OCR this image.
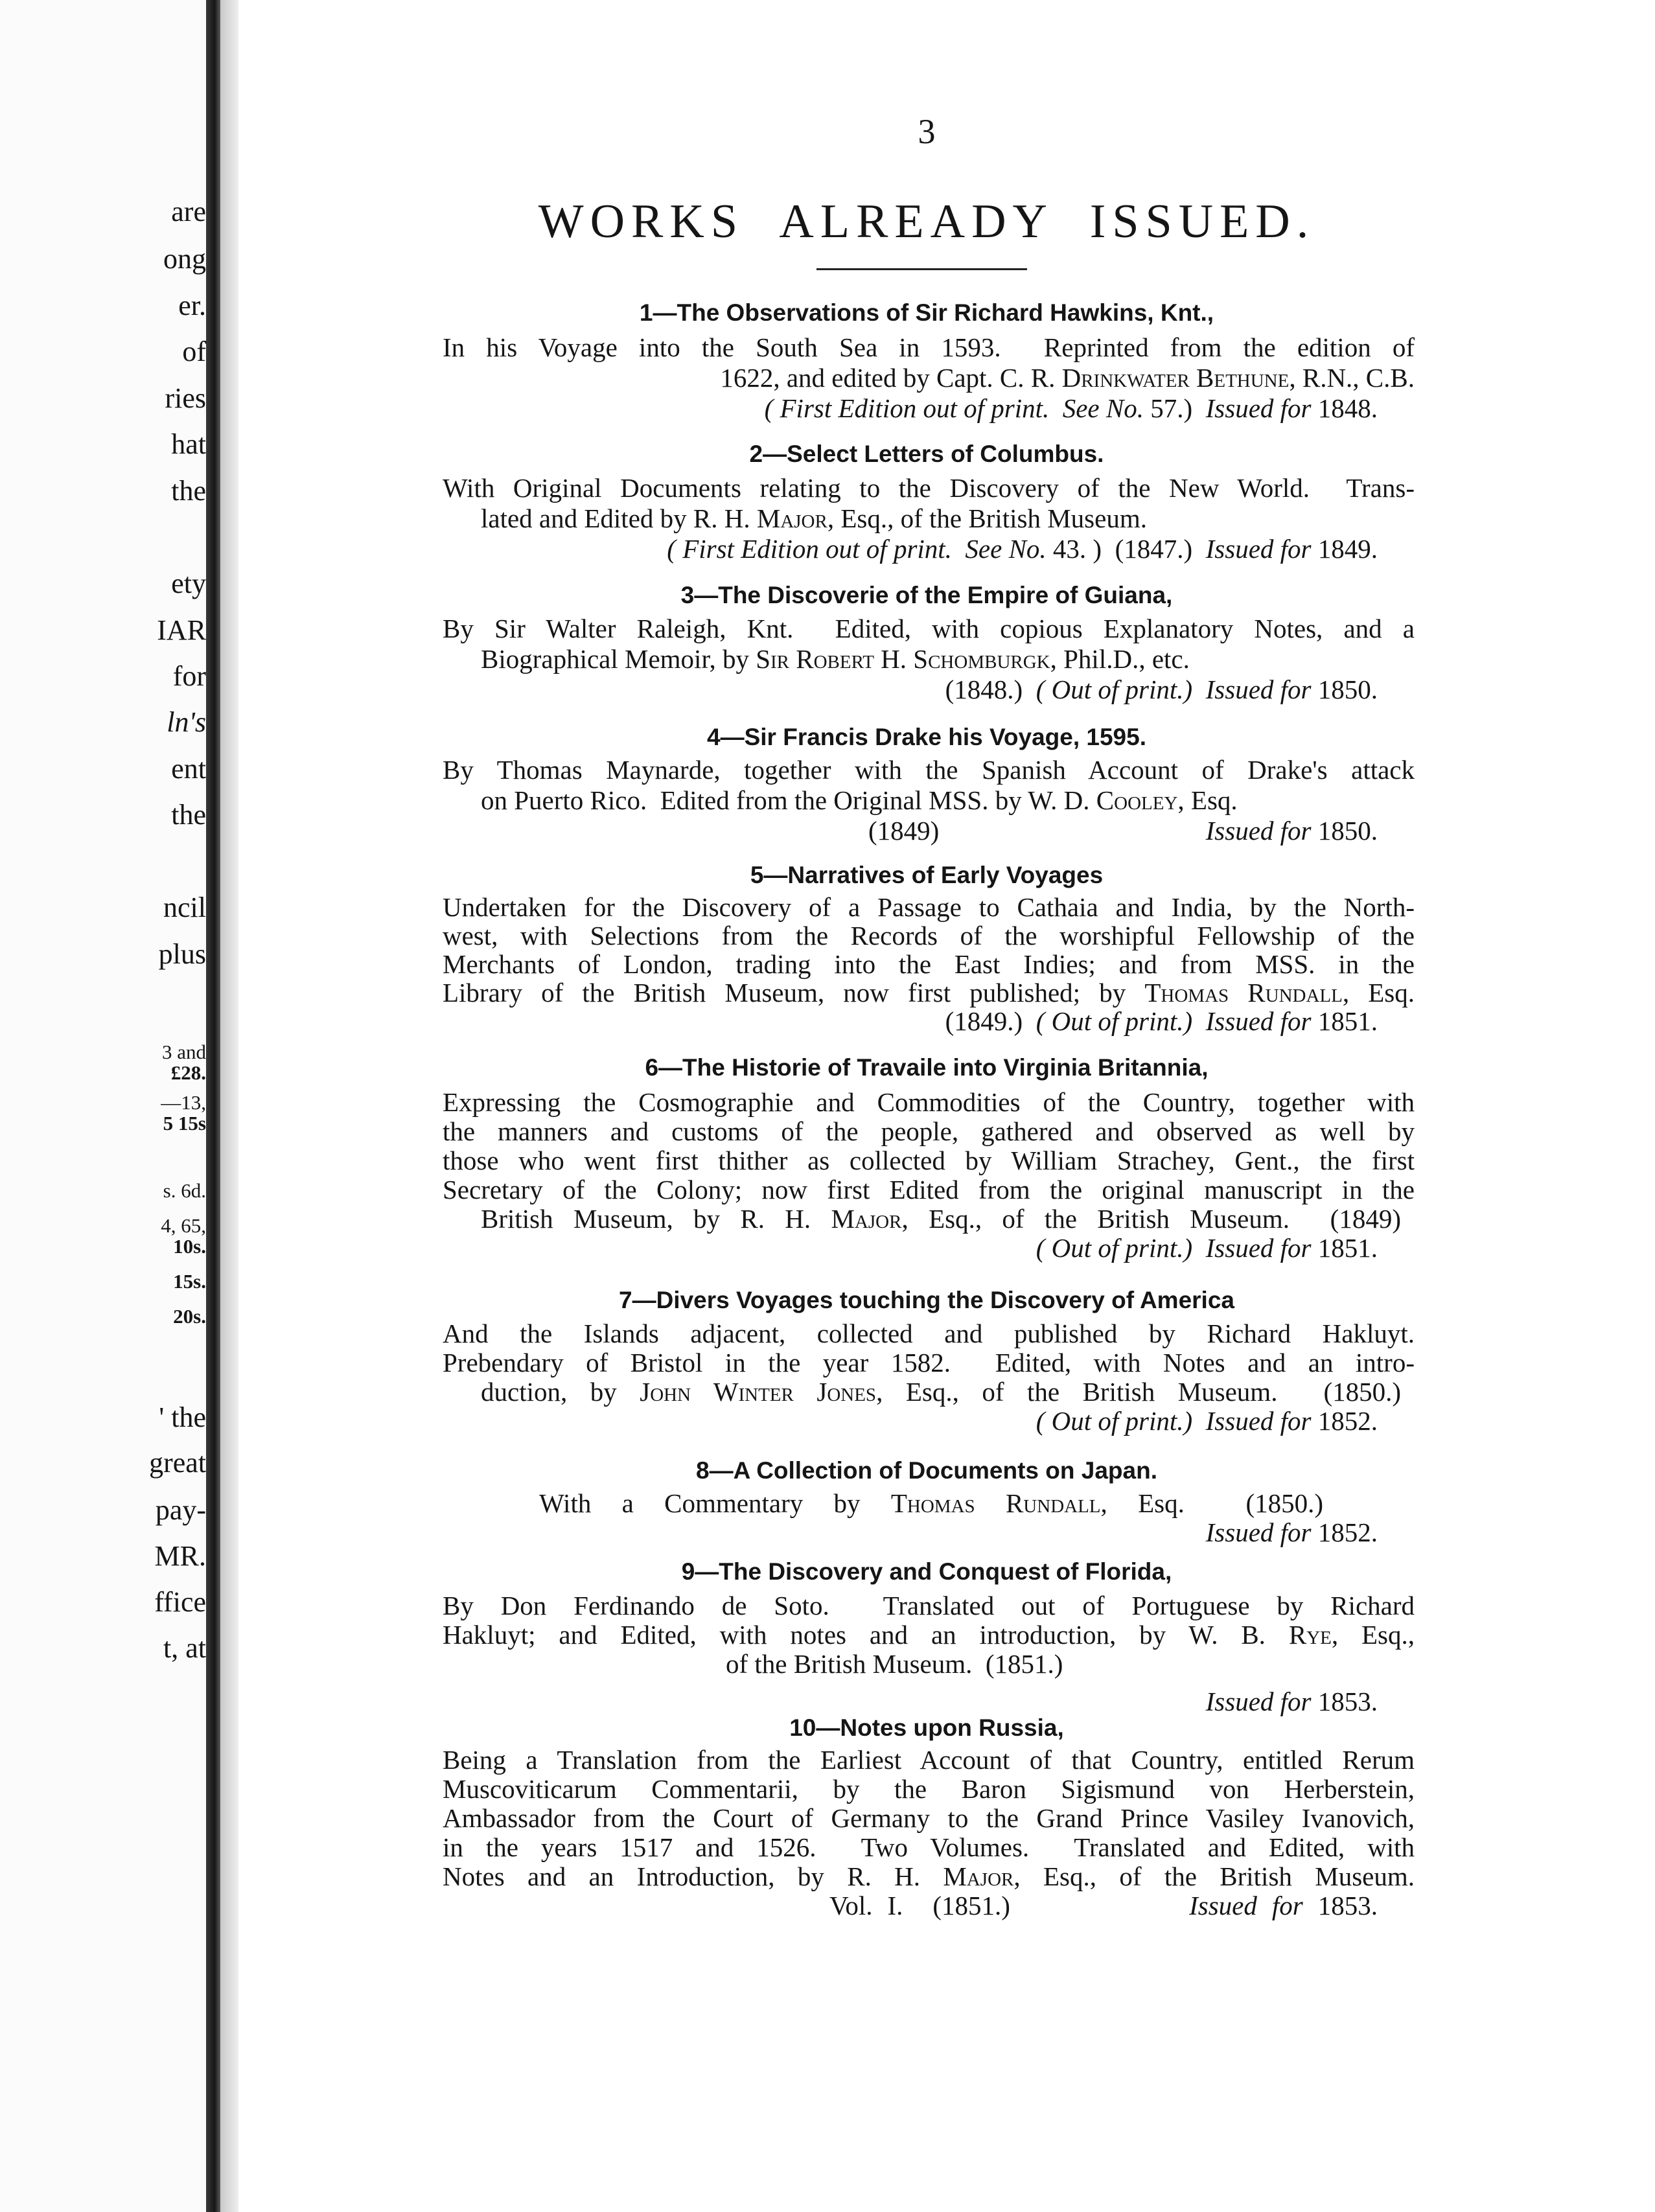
are
ong
er.
of
ries
hat
the
ety
IAR
for
ln's
ent
the
ncil
plus
3 and
£28.
—13,
5 15s
s. 6d.
4, 65,
10s.
15s.
20s.
' the
great
pay-
MR.
ffice
t, at
3
WORKS ALREADY ISSUED.
1—The Observations of Sir Richard Hawkins, Knt.,
In his Voyage into the South Sea in 1593.  Reprinted from the edition of
1622, and edited by Capt. C. R. Drinkwater Bethune, R.N., C.B.
( First Edition out of print.  See No. 57.)  Issued for 1848.
2—Select Letters of Columbus.
With Original Documents relating to the Discovery of the New World.  Trans-
lated and Edited by R. H. Major, Esq., of the British Museum.
( First Edition out of print.  See No. 43. )  (1847.)  Issued for 1849.
3—The Discoverie of the Empire of Guiana,
By Sir Walter Raleigh, Knt.  Edited, with copious Explanatory Notes, and a
Biographical Memoir, by Sir Robert H. Schomburgk, Phil.D., etc.
(1848.)  ( Out of print.)  Issued for 1850.
4—Sir Francis Drake his Voyage, 1595.
By Thomas Maynarde, together with the Spanish Account of Drake's attack
on Puerto Rico.  Edited from the Original MSS. by W. D. Cooley, Esq.
(1849)	Issued for 1850.
5—Narratives of Early Voyages
Undertaken for the Discovery of a Passage to Cathaia and India, by the North-
west, with Selections from the Records of the worshipful Fellowship of the
Merchants of London, trading into the East Indies; and from MSS. in the
Library of the British Museum, now first published; by Thomas Rundall, Esq.
(1849.)  ( Out of print.)  Issued for 1851.
6—The Historie of Travaile into Virginia Britannia,
Expressing the Cosmographie and Commodities of the Country, together with
the manners and customs of the people, gathered and observed as well by
those who went first thither as collected by William Strachey, Gent., the first
Secretary of the Colony; now first Edited from the original manuscript in the
British Museum, by R. H. Major, Esq., of the British Museum.  (1849)
( Out of print.)  Issued for 1851.
7—Divers Voyages touching the Discovery of America
And the Islands adjacent, collected and published by Richard Hakluyt.
Prebendary of Bristol in the year 1582.  Edited, with Notes and an intro-
duction, by John Winter Jones, Esq., of the British Museum.  (1850.)
( Out of print.)  Issued for 1852.
8—A Collection of Documents on Japan.
With a Commentary by Thomas Rundall, Esq.  (1850.)
Issued for 1852.
9—The Discovery and Conquest of Florida,
By Don Ferdinando de Soto.  Translated out of Portuguese by Richard
Hakluyt; and Edited, with notes and an introduction, by W. B. Rye, Esq.,
of the British Museum.  (1851.)
Issued for 1853.
10—Notes upon Russia,
Being a Translation from the Earliest Account of that Country, entitled Rerum
Muscoviticarum Commentarii, by the Baron Sigismund von Herberstein,
Ambassador from the Court of Germany to the Grand Prince Vasiley Ivanovich,
in the years 1517 and 1526.  Two Volumes.  Translated and Edited, with
Notes and an Introduction, by R. H. Major, Esq., of the British Museum.
Vol. I.  (1851.)            Issued for 1853.
